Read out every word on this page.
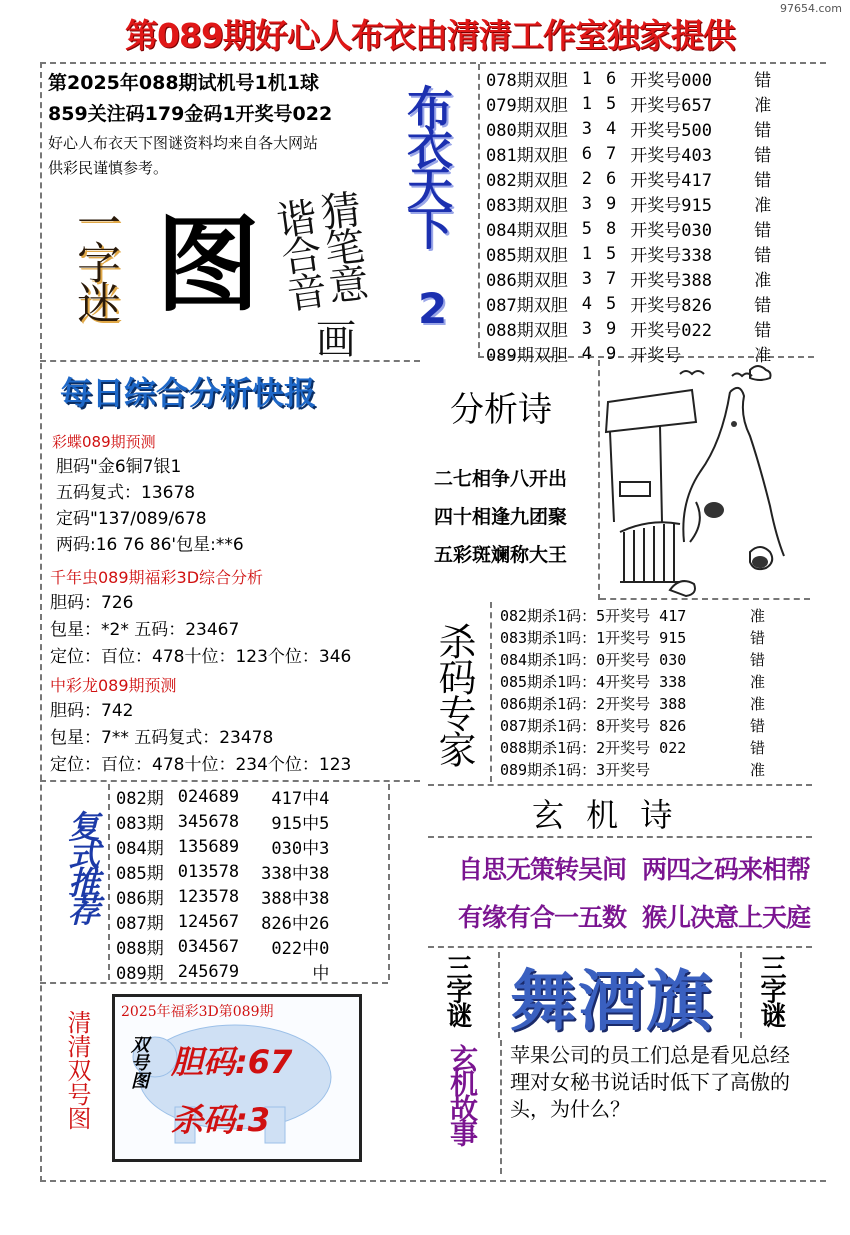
97654.com
第089期好心人布衣由清清工作室独家提供
第2025年088期试机号1机1球
859关注码179金码1开奖号022
好心人布衣天下图谜资料均来自各大网站
供彩民谨慎参考。
一字迷 图 谐合音
猜笔意
画
布衣天下
2
078期双胆	1	6	开奖号000	错
079期双胆	1	5	开奖号657	准
080期双胆	3	4	开奖号500	错
081期双胆	6	7	开奖号403	错
082期双胆	2	6	开奖号417	错
083期双胆	3	9	开奖号915	准
084期双胆	5	8	开奖号030	错
085期双胆	1	5	开奖号338	错
086期双胆	3	7	开奖号388	准
087期双胆	4	5	开奖号826	错
088期双胆	3	9	开奖号022	错
089期双胆	4	9	开奖号	准
每日综合分析快报
彩蝶089期预测
胆码"金6铜7银1
五码复式：13678
定码"137/089/678
两码:16 76 86'包星:**6
千年虫089期福彩3D综合分析
胆码：726
包星：*2* 五码：23467
定位：百位：478十位：123个位：346
中彩龙089期预测
胆码：742
包星：7** 五码复式：23478
定位：百位：478十位：234个位：123
分析诗
二七相争八开出
四十相逢九团聚
五彩斑斓称大王
杀码专家
082期杀1码：5开奖号 417	准
083期杀1吗：1开奖号 915	错
084期杀1吗：0开奖号 030	错
085期杀1吗：4开奖号 338	准
086期杀1码：2开奖号 388	准
087期杀1码：8开奖号 826	错
088期杀1码：2开奖号 022	错
089期杀1码：3开奖号	准
复式推荐
082期	024689	417中4
083期	345678	915中5
084期	135689	030中3
085期	013578	338中38
086期	123578	388中38
087期	124567	826中26
088期	034567	022中0
089期	245679	中
玄 机 诗
自思无策转吴间 两四之码来相帮
有缘有合一五数 猴儿决意上天庭
清清双号图 2025年福彩3D第089期
双号图 胆码:67
杀码:3
三字谜 舞酒旗 三字谜
玄机故事 苹果公司的员工们总是看见总经理对女秘书说话时低下了高傲的头，为什么？
